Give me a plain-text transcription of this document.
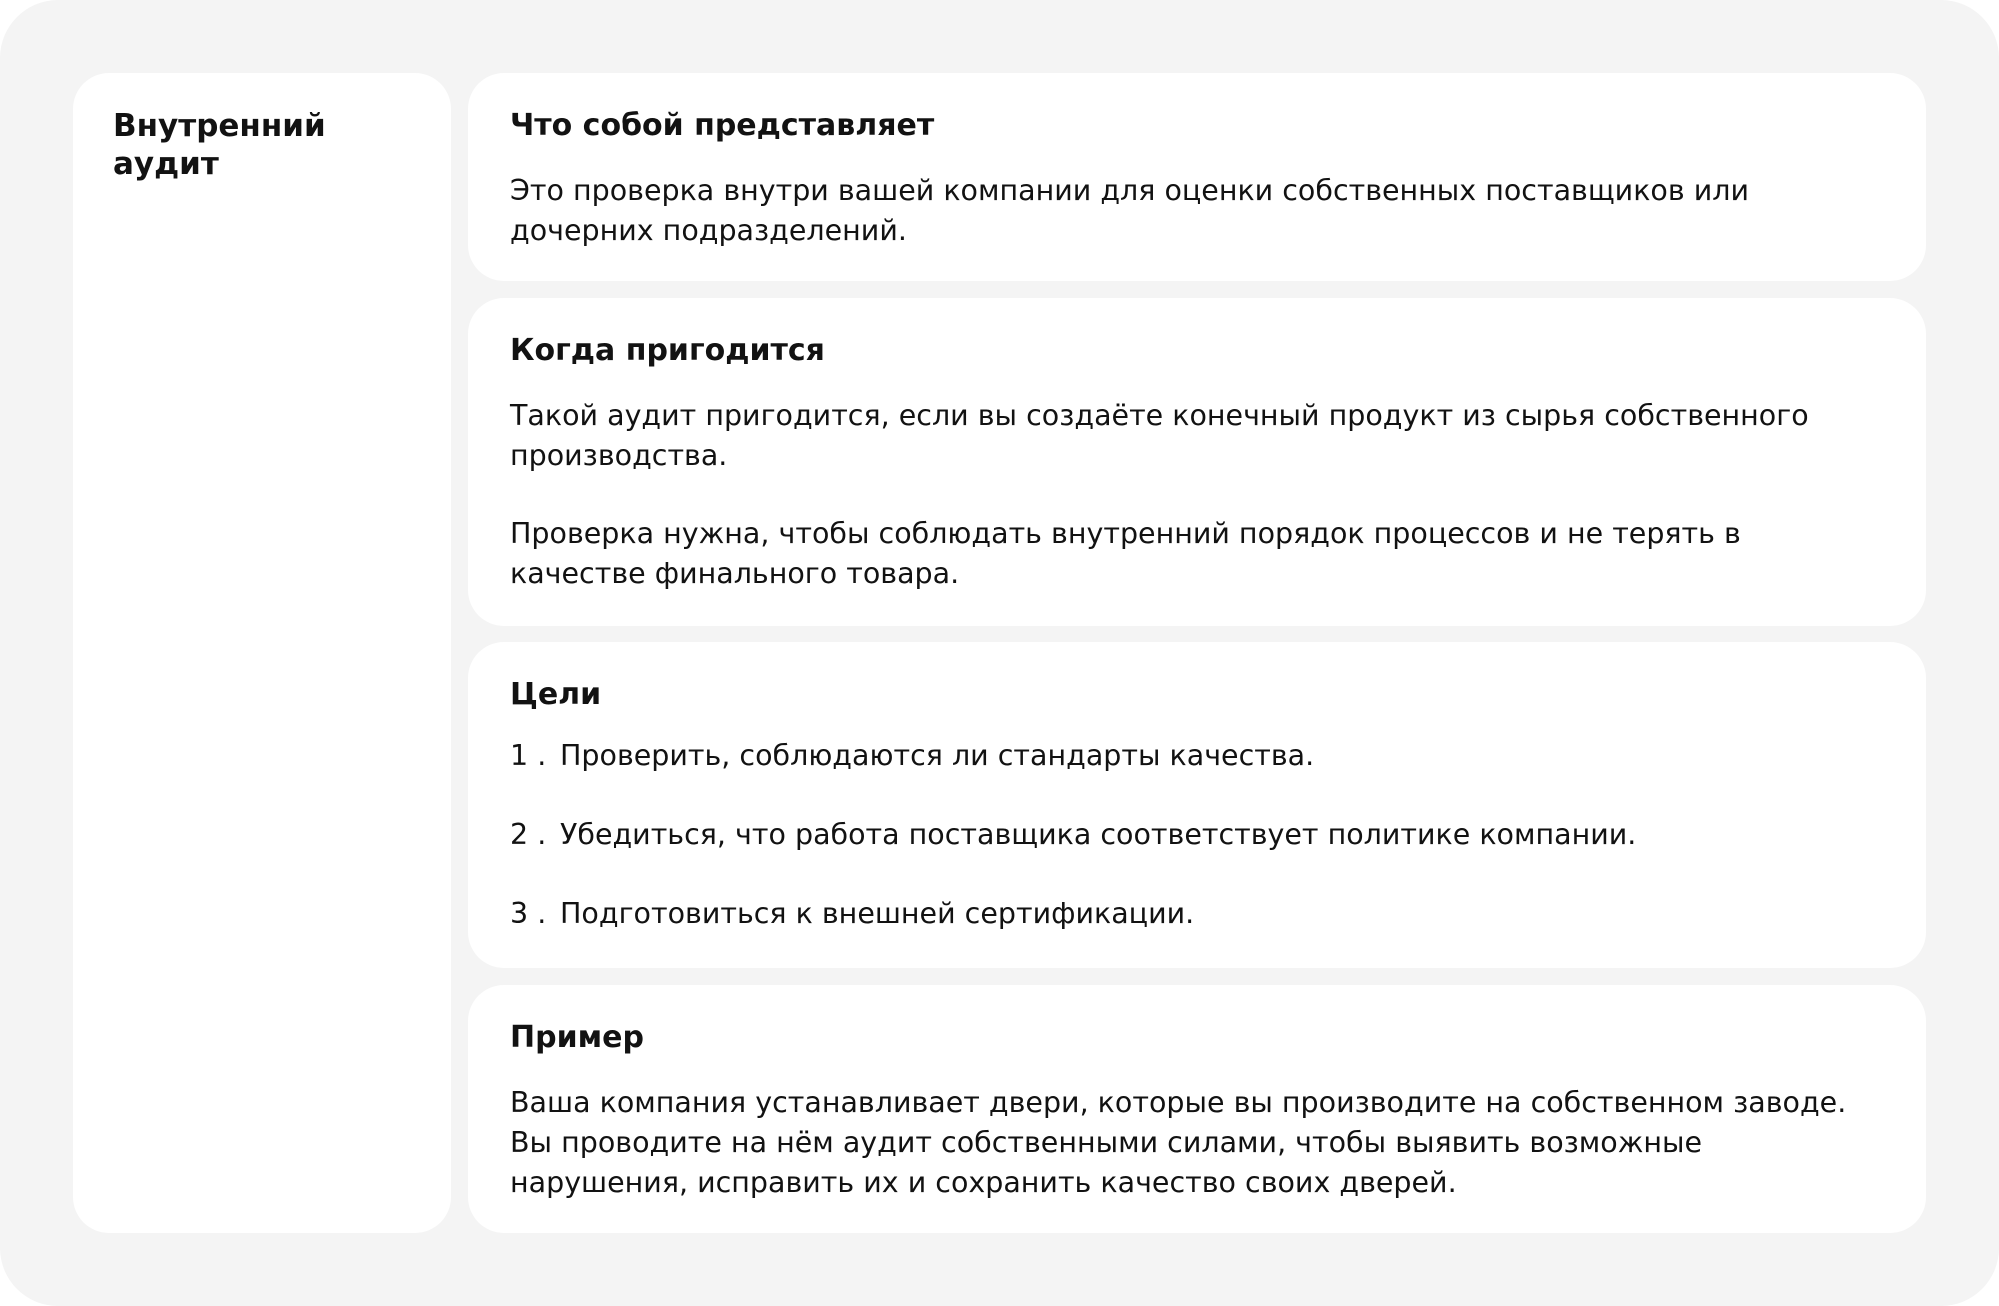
Внутренний аудит
Что собой представляет

Это проверка внутри вашей компании для оценки собственных поставщиков или дочерних подразделений.

Когда пригодится

Такой аудит пригодится, если вы создаёте конечный продукт из сырья собственного производства.

Проверка нужна, чтобы соблюдать внутренний порядок процессов и не терять в качестве финального товара.

Цели
1 . Проверить, соблюдаются ли стандарты качества.
2 . Убедиться, что работа поставщика соответствует политике компании.
3 . Подготовиться к внешней сертификации.
Пример

Ваша компания устанавливает двери, которые вы производите на собственном заводе. Вы проводите на нём аудит собственными силами, чтобы выявить возможные нарушения, исправить их и сохранить качество своих дверей.
